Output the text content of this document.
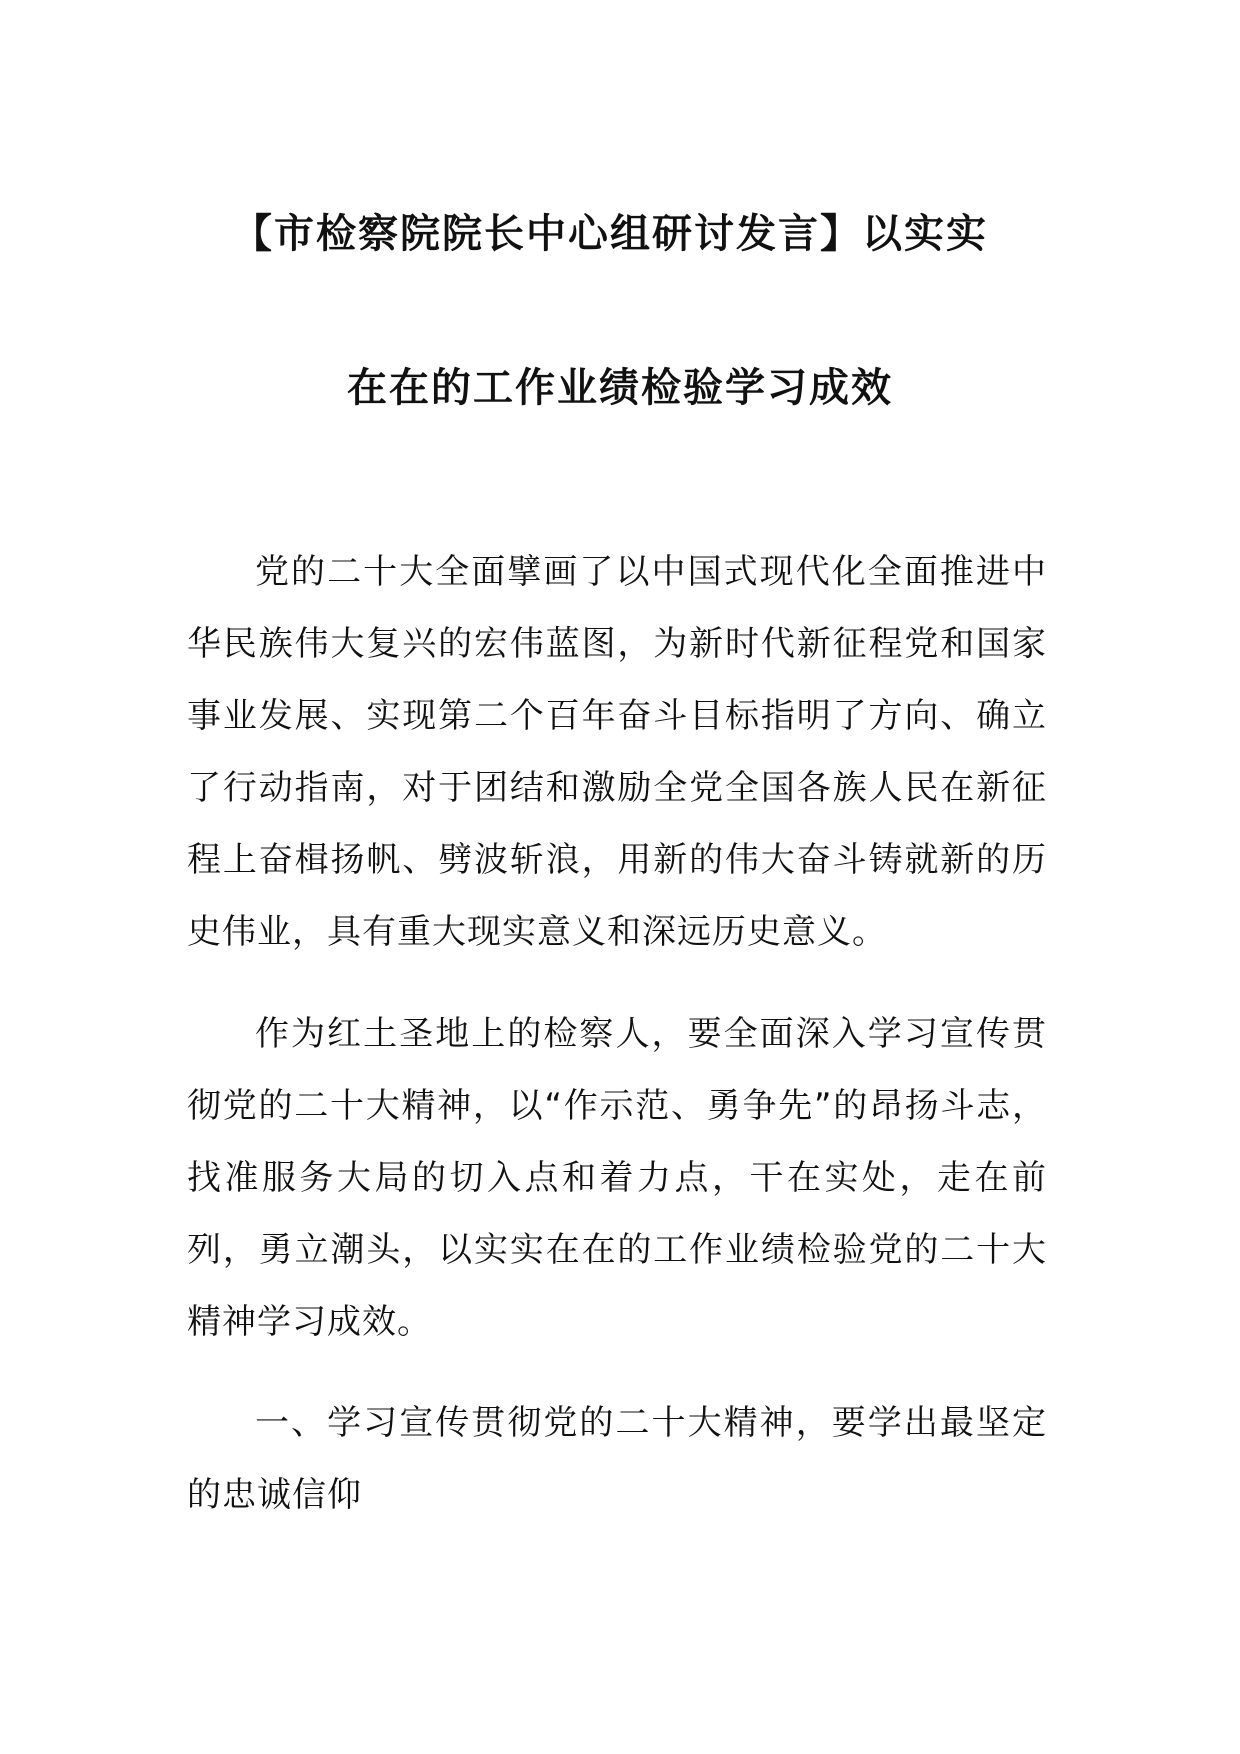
【市检察院院长中心组研讨发言】以实实
在在的工作业绩检验学习成效

党的二十大全面擘画了以中国式现代化全面推进中华民族伟大复兴的宏伟蓝图，为新时代新征程党和国家事业发展、实现第二个百年奋斗目标指明了方向、确立了行动指南，对于团结和激励全党全国各族人民在新征程上奋楫扬帆、劈波斩浪，用新的伟大奋斗铸就新的历史伟业，具有重大现实意义和深远历史意义。

作为红土圣地上的检察人，要全面深入学习宣传贯彻党的二十大精神，以“作示范、勇争先”的昂扬斗志，找准服务大局的切入点和着力点，干在实处，走在前列，勇立潮头，以实实在在的工作业绩检验党的二十大精神学习成效。

一、学习宣传贯彻党的二十大精神，要学出最坚定的忠诚信仰
